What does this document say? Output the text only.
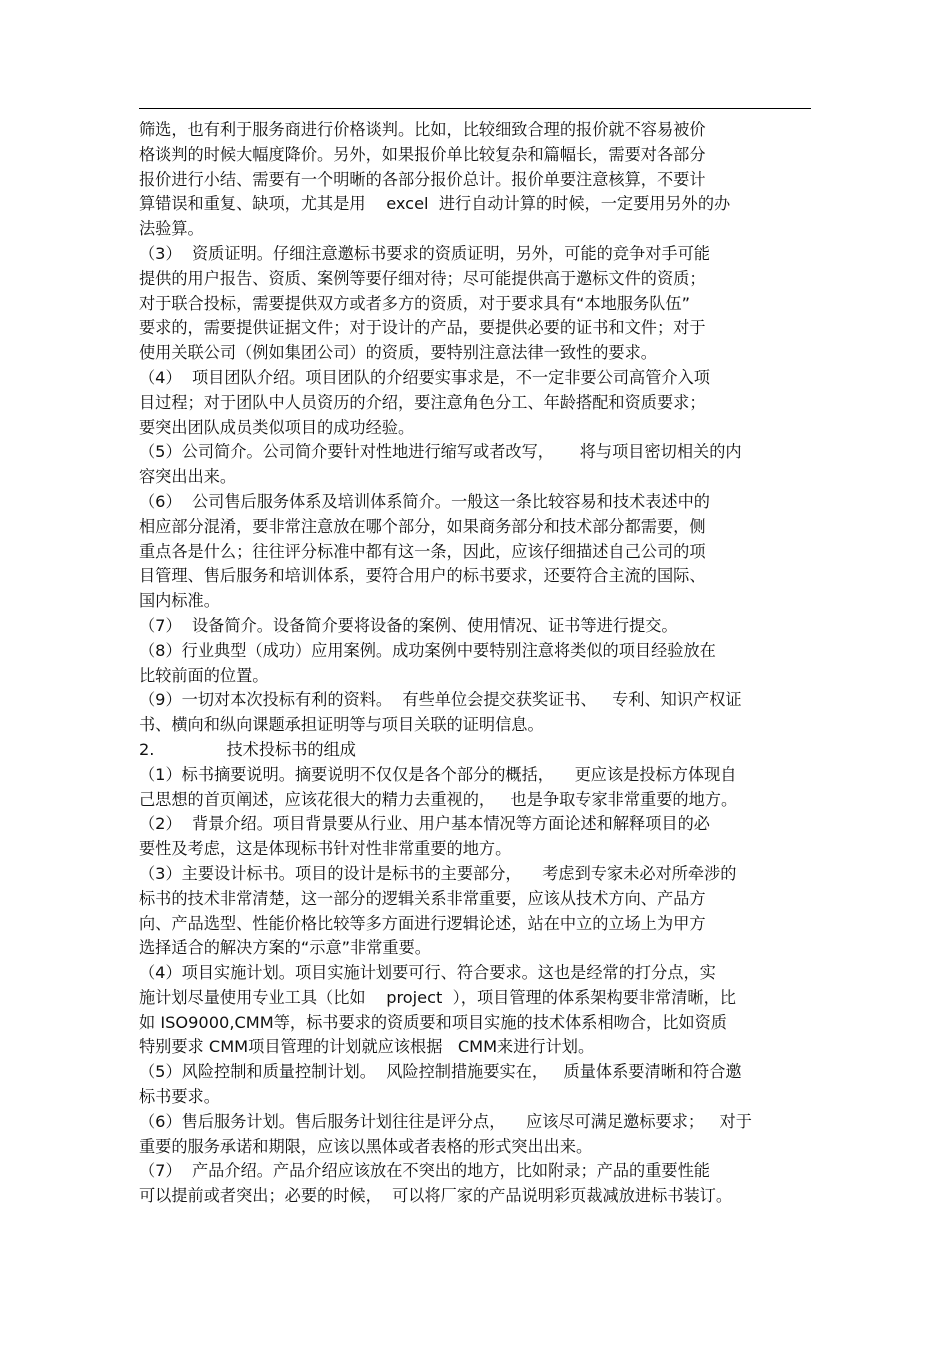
筛选，也有利于服务商进行价格谈判。比如，比较细致合理的报价就不容易被价
格谈判的时候大幅度降价。另外，如果报价单比较复杂和篇幅长，需要对各部分
报价进行小结、需要有一个明晰的各部分报价总计。报价单要注意核算，不要计
算错误和重复、缺项，尤其是用    excel  进行自动计算的时候，一定要用另外的办
法验算。
（3）  资质证明。仔细注意邀标书要求的资质证明，另外，可能的竞争对手可能
提供的用户报告、资质、案例等要仔细对待；尽可能提供高于邀标文件的资质；
对于联合投标，需要提供双方或者多方的资质，对于要求具有“本地服务队伍”
要求的，需要提供证据文件；对于设计的产品，要提供必要的证书和文件；对于
使用关联公司（例如集团公司）的资质，要特别注意法律一致性的要求。
（4）  项目团队介绍。项目团队的介绍要实事求是，不一定非要公司高管介入项
目过程；对于团队中人员资历的介绍，要注意角色分工、年龄搭配和资质要求；
要突出团队成员类似项目的成功经验。
（5）公司简介。公司简介要针对性地进行缩写或者改写，     将与项目密切相关的内
容突出出来。
（6）  公司售后服务体系及培训体系简介。一般这一条比较容易和技术表述中的
相应部分混淆，要非常注意放在哪个部分，如果商务部分和技术部分都需要，侧
重点各是什么；往往评分标准中都有这一条，因此，应该仔细描述自己公司的项
目管理、售后服务和培训体系，要符合用户的标书要求，还要符合主流的国际、
国内标准。
（7）  设备简介。设备简介要将设备的案例、使用情况、证书等进行提交。
（8）行业典型（成功）应用案例。成功案例中要特别注意将类似的项目经验放在
比较前面的位置。
（9）一切对本次投标有利的资料。  有些单位会提交获奖证书、   专利、知识产权证
书、横向和纵向课题承担证明等与项目关联的证明信息。
2.              技术投标书的组成
（1）标书摘要说明。摘要说明不仅仅是各个部分的概括，    更应该是投标方体现自
己思想的首页阐述，应该花很大的精力去重视的，   也是争取专家非常重要的地方。
（2）  背景介绍。项目背景要从行业、用户基本情况等方面论述和解释项目的必
要性及考虑，这是体现标书针对性非常重要的地方。
（3）主要设计标书。项目的设计是标书的主要部分，    考虑到专家未必对所牵涉的
标书的技术非常清楚，这一部分的逻辑关系非常重要，应该从技术方向、产品方
向、产品选型、性能价格比较等多方面进行逻辑论述，站在中立的立场上为甲方
选择适合的解决方案的“示意”非常重要。
（4）项目实施计划。项目实施计划要可行、符合要求。这也是经常的打分点，实
施计划尽量使用专业工具（比如    project  ），项目管理的体系架构要非常清晰，比
如 ISO9000,CMM等，标书要求的资质要和项目实施的技术体系相吻合，比如资质
特别要求 CMM项目管理的计划就应该根据   CMM来进行计划。
（5）风险控制和质量控制计划。  风险控制措施要实在，   质量体系要清晰和符合邀
标书要求。
（6）售后服务计划。售后服务计划往往是评分点，    应该尽可满足邀标要求；   对于
重要的服务承诺和期限，应该以黑体或者表格的形式突出出来。
（7）  产品介绍。产品介绍应该放在不突出的地方，比如附录；产品的重要性能
可以提前或者突出；必要的时候，  可以将厂家的产品说明彩页裁减放进标书装订。
